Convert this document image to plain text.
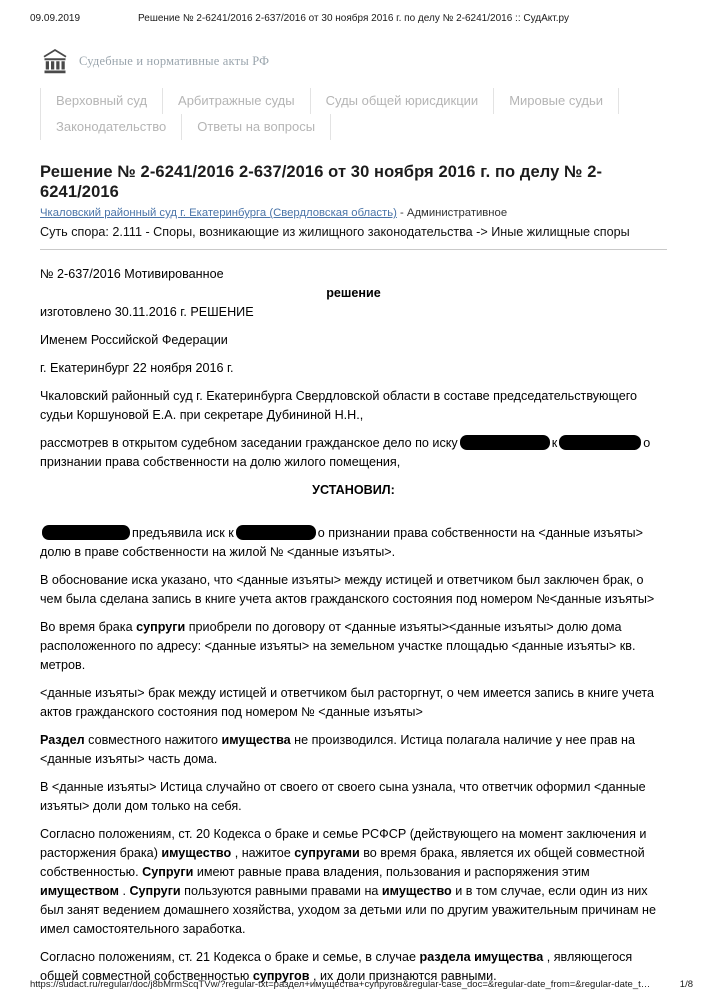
09.09.2019	Решение № 2-6241/2016 2-637/2016 от 30 ноября 2016 г. по делу № 2-6241/2016 :: СудАкт.ру
Судебные и нормативные акты РФ
Верховный суд	Арбитражные суды	Суды общей юрисдикции	Мировые судьи
Законодательство	Ответы на вопросы
Решение № 2-6241/2016 2-637/2016 от 30 ноября 2016 г. по делу № 2-6241/2016
Чкаловский районный суд г. Екатеринбурга (Свердловская область) - Административное
Суть спора: 2.111 - Споры, возникающие из жилищного законодательства -> Иные жилищные споры
№ 2-637/2016 Мотивированное
решение
изготовлено 30.11.2016 г. РЕШЕНИЕ
Именем Российской Федерации
г. Екатеринбург 22 ноября 2016 г.
Чкаловский районный суд г. Екатеринбурга Свердловской области в составе председательствующего судьи Коршуновой Е.А. при секретаре Дубининой Н.Н.,
рассмотрев в открытом судебном заседании гражданское дело по иску	к	о признании права собственности на долю жилого помещения,
УСТАНОВИЛ:
предъявила иск к	о признании права собственности на <данные изъяты> долю в праве собственности на жилой № <данные изъяты>.
В обоснование иска указано, что <данные изъяты> между истицей и ответчиком был заключен брак, о чем была сделана запись в книге учета актов гражданского состояния под номером №<данные изъяты>
Во время брака супруги приобрели по договору от <данные изъяты><данные изъяты> долю дома расположенного по адресу: <данные изъяты> на земельном участке площадью <данные изъяты> кв. метров.
<данные изъяты> брак между истицей и ответчиком был расторгнут, о чем имеется запись в книге учета актов гражданского состояния под номером № <данные изъяты>
Раздел совместного нажитого имущества не производился. Истица полагала наличие у нее прав на <данные изъяты> часть дома.
В <данные изъяты> Истица случайно от своего от своего сына узнала, что ответчик оформил <данные изъяты> доли дом только на себя.
Согласно положениям, ст. 20 Кодекса о браке и семье РСФСР (действующего на момент заключения и расторжения брака) имущество , нажитое супругами во время брака, является их общей совместной собственностью. Супруги имеют равные права владения, пользования и распоряжения этим имуществом . Супруги пользуются равными правами на имущество и в том случае, если один из них был занят ведением домашнего хозяйства, уходом за детьми или по другим уважительным причинам не имел самостоятельного заработка.
Согласно положениям, ст. 21 Кодекса о браке и семье, в случае раздела имущества , являющегося общей совместной собственностью супругов , их доли признаются равными.
https://sudact.ru/regular/doc/j8bMrmScqTVw/?regular-txt=раздел+имущества+супругов&regular-case_doc=&regular-date_from=&regular-date_t…	1/8
